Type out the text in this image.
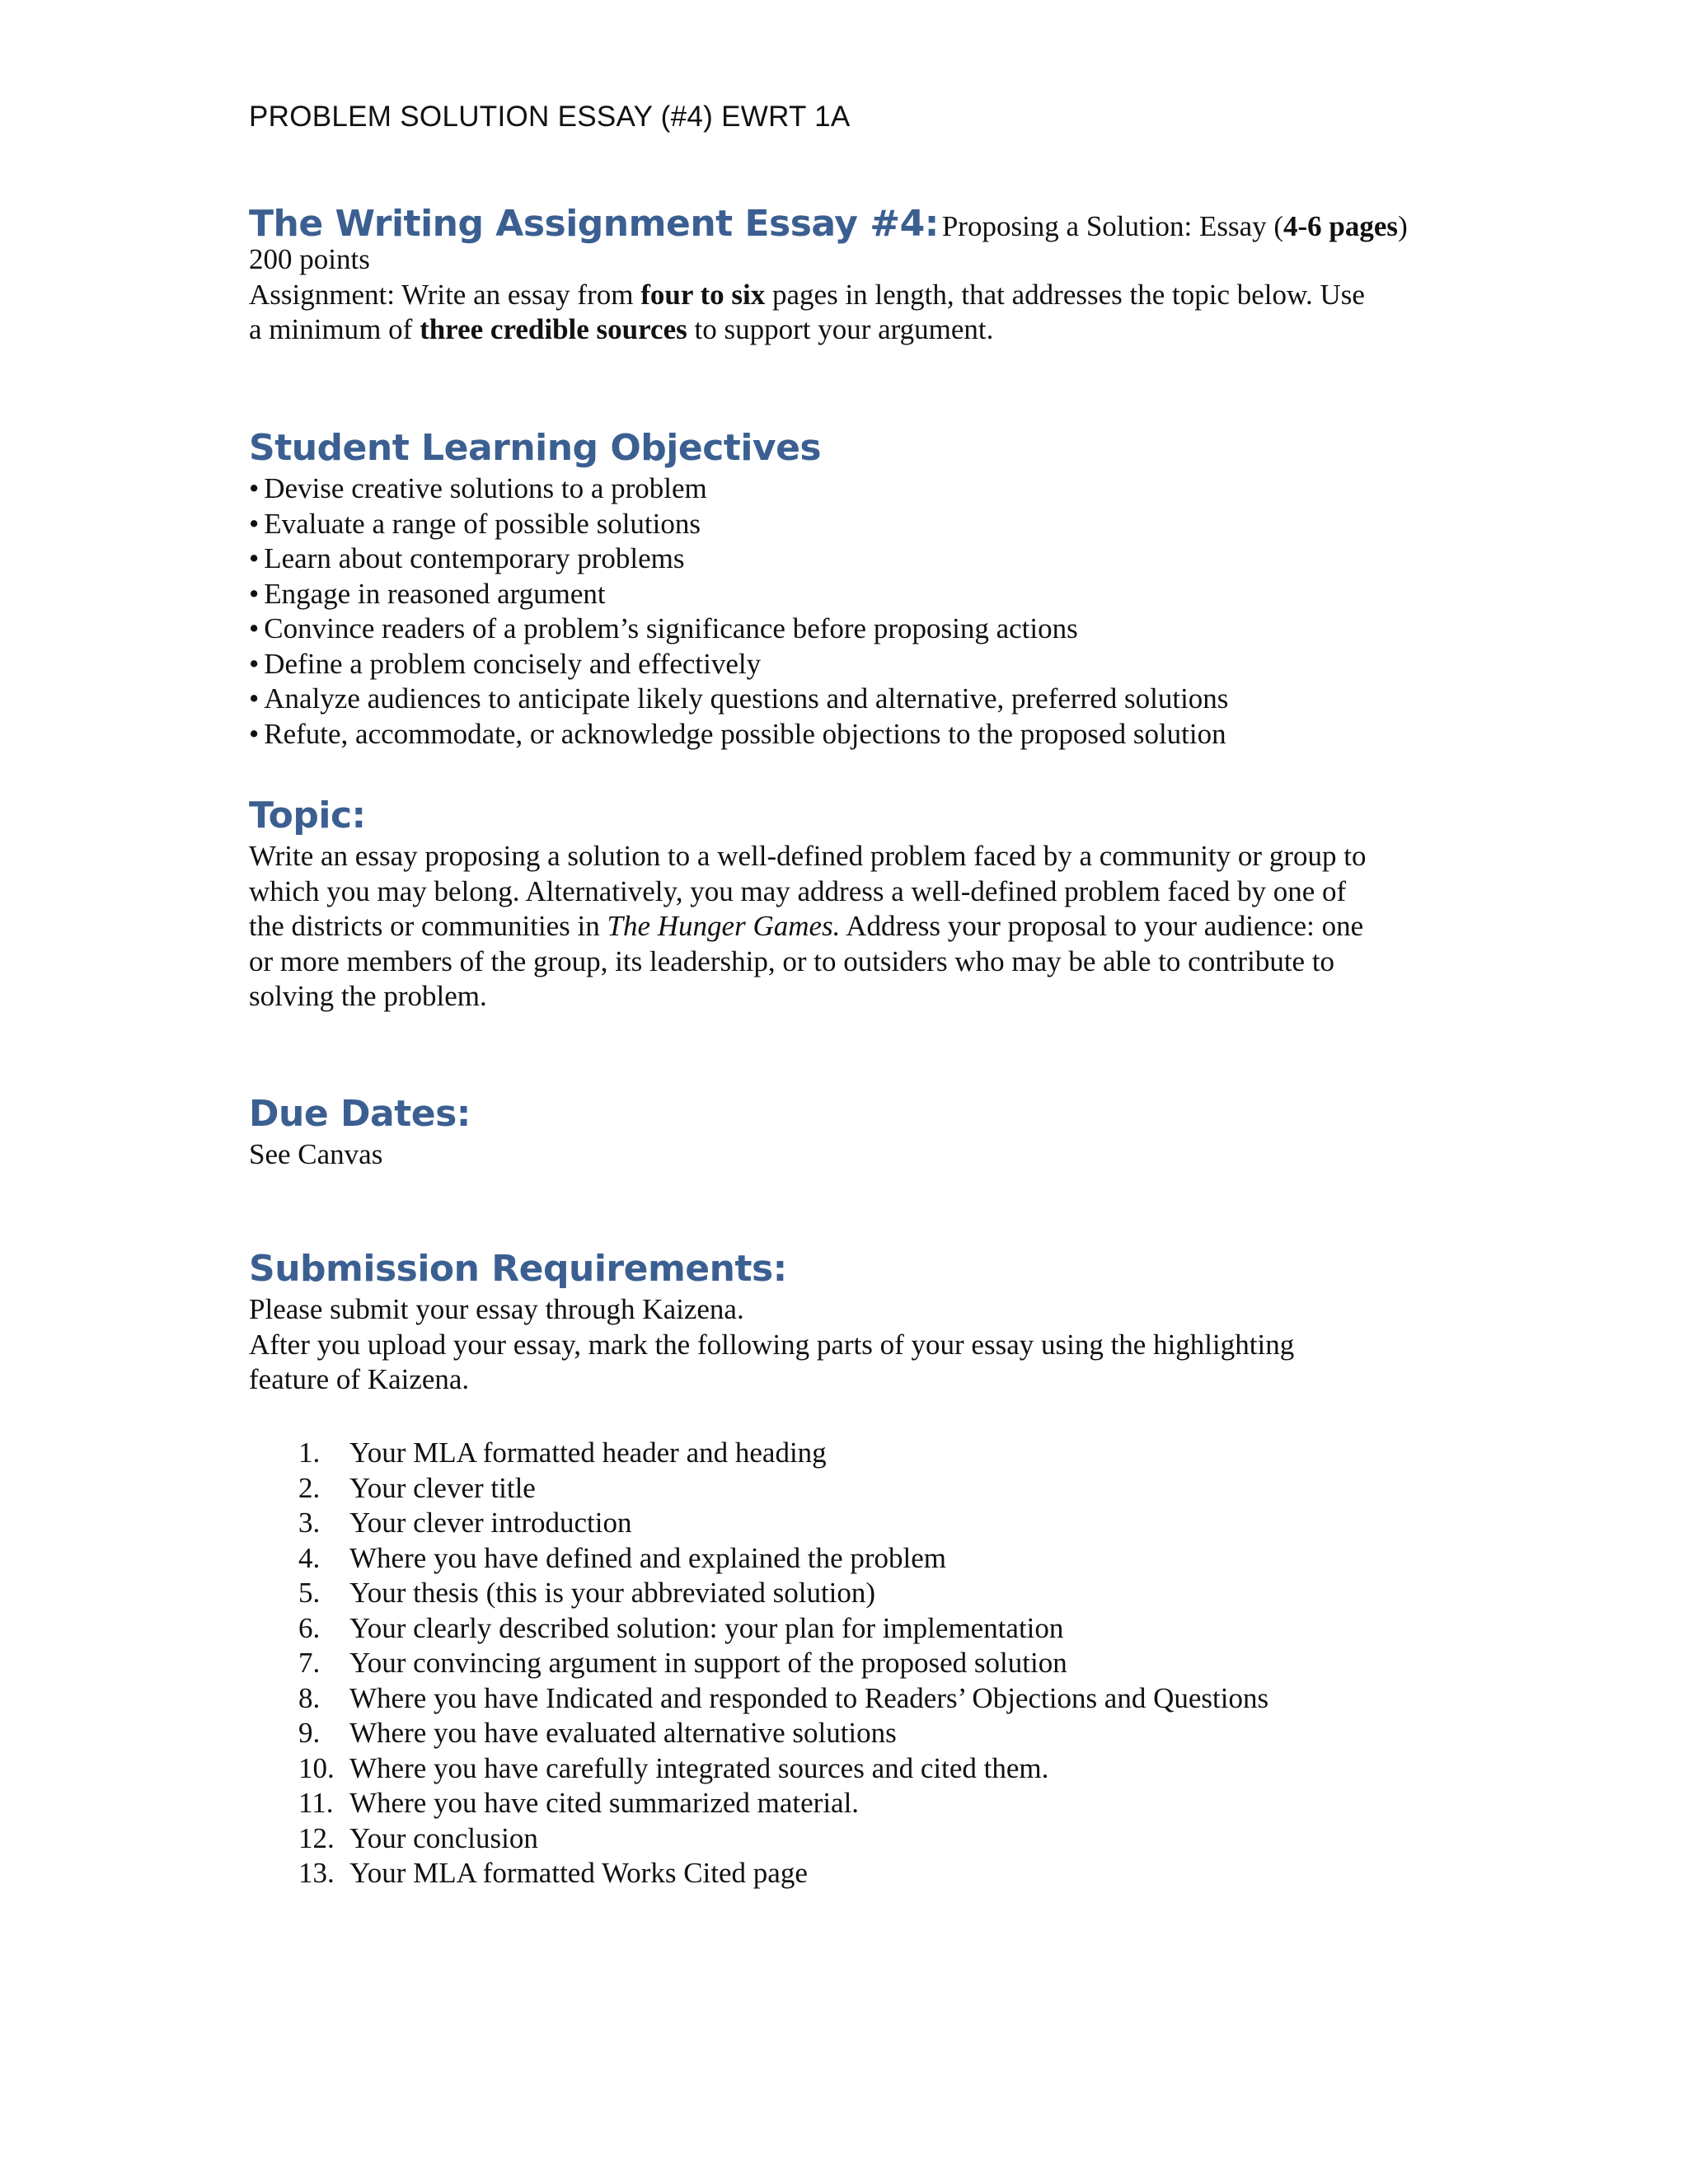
PROBLEM SOLUTION ESSAY (#4) EWRT 1A
The Writing Assignment Essay #4: Proposing a Solution: Essay (4-6 pages)

200 points

Assignment: Write an essay from four to six pages in length, that addresses the topic below. Use

a minimum of three credible sources to support your argument.

Student Learning Objectives
• Devise creative solutions to a problem
• Evaluate a range of possible solutions
• Learn about contemporary problems
• Engage in reasoned argument
• Convince readers of a problem’s significance before proposing actions
• Define a problem concisely and effectively
• Analyze audiences to anticipate likely questions and alternative, preferred solutions
• Refute, accommodate, or acknowledge possible objections to the proposed solution
Topic:

Write an essay proposing a solution to a well-defined problem faced by a community or group to

which you may belong. Alternatively, you may address a well-defined problem faced by one of

the districts or communities in The Hunger Games. Address your proposal to your audience: one

or more members of the group, its leadership, or to outsiders who may be able to contribute to

solving the problem.

Due Dates:

See Canvas

Submission Requirements:

Please submit your essay through Kaizena.

After you upload your essay, mark the following parts of your essay using the highlighting

feature of Kaizena.

1.	Your MLA formatted header and heading
2.	Your clever title
3.	Your clever introduction
4.	Where you have defined and explained the problem
5.	Your thesis (this is your abbreviated solution)
6.	Your clearly described solution: your plan for implementation
7.	Your convincing argument in support of the proposed solution
8.	Where you have Indicated and responded to Readers’ Objections and Questions
9.	Where you have evaluated alternative solutions
10. Where you have carefully integrated sources and cited them.
11. Where you have cited summarized material.
12. Your conclusion
13. Your MLA formatted Works Cited page
